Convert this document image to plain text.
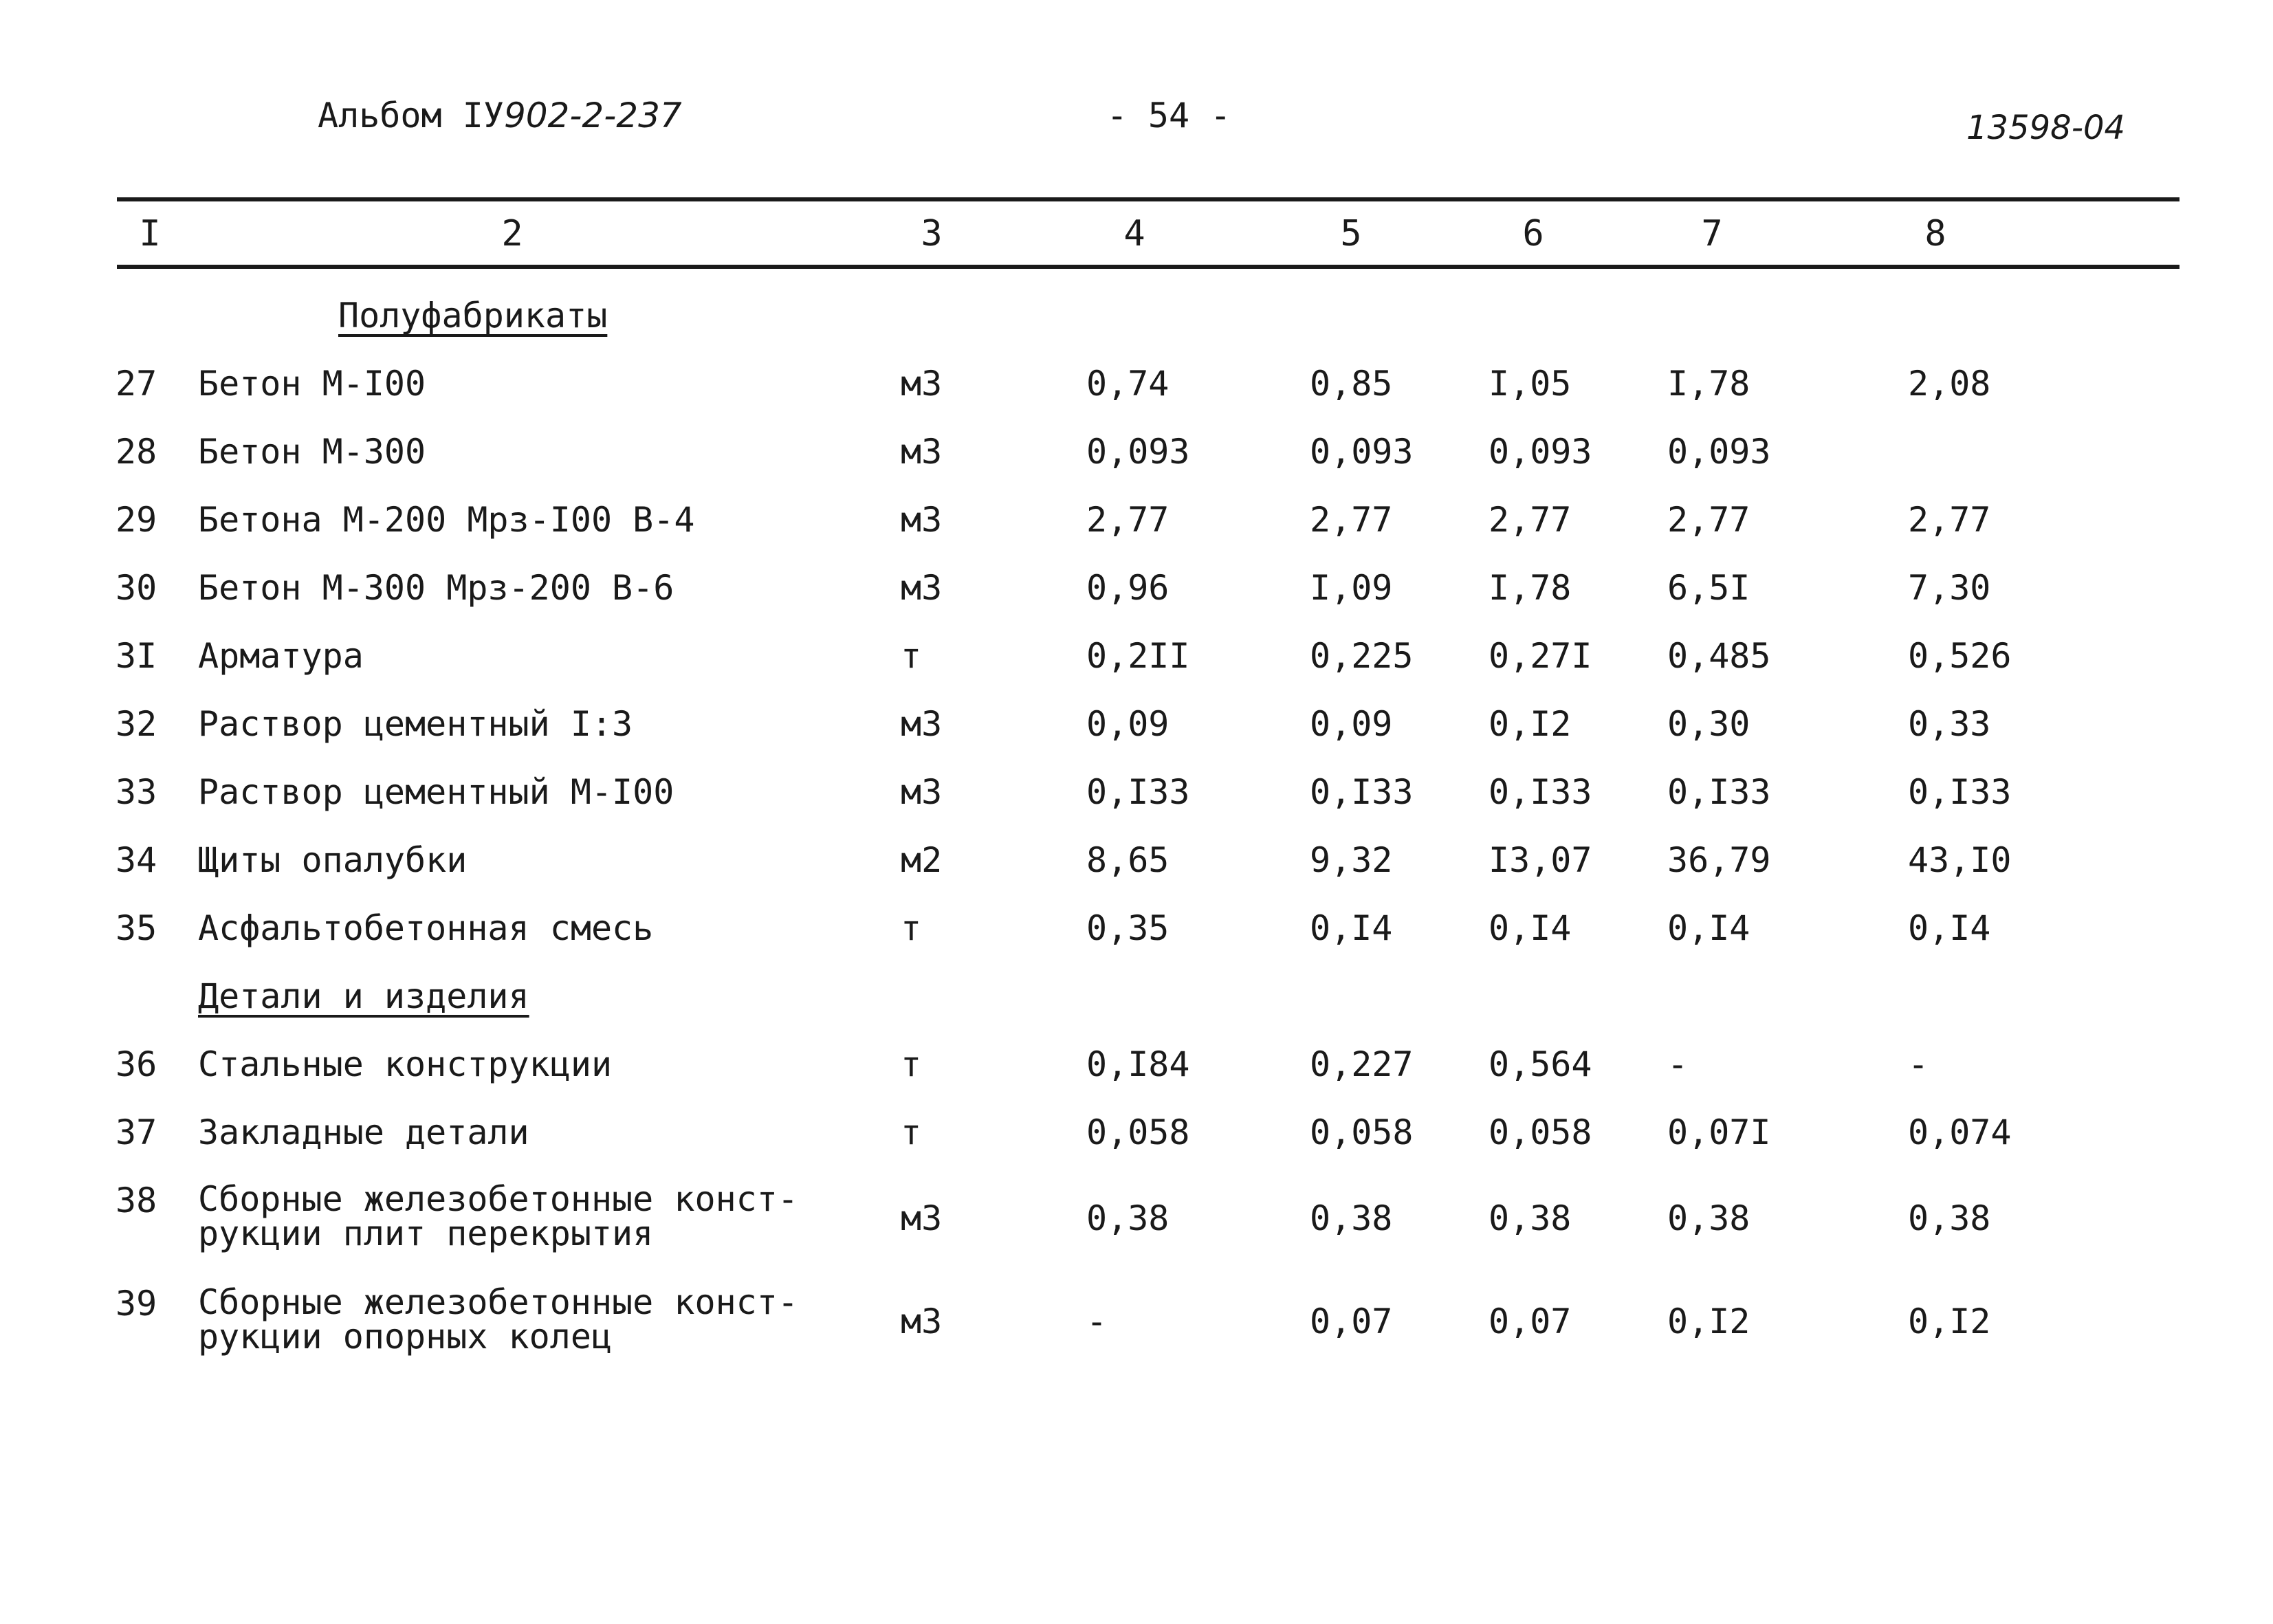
Альбом IУ902-2-237	- 54 -	13598-04
I	2	3	4	5	6	7	8
Полуфабрикаты
27	Бетон М-I00	м3	0,74	0,85	I,05	I,78	2,08
28	Бетон М-300	м3	0,093	0,093 0,093 0,093
29	Бетона М-200 Мрз-I00 В-4	м3	2,77	2,77	2,77	2,77	2,77
30	Бетон М-300 Мрз-200 В-6	м3	0,96	I,09	I,78	6,5I	7,30
3I	Арматура	т	0,2II	0,225 0,27I 0,485	0,526
32	Раствор цементный I:3	м3	0,09	0,09	0,I2	0,30	0,33
33	Раствор цементный М-I00	м3	0,I33	0,I33 0,I33 0,I33	0,I33
34	Щиты опалубки	м2	8,65	9,32	I3,07 36,79	43,I0
35	Асфальтобетонная смесь	т	0,35	0,I4	0,I4	0,I4	0,I4
Детали и изделия
36	Стальные конструкции	т	0,I84	0,227 0,564 -	-
37	Закладные детали	т	0,058	0,058 0,058 0,07I	0,074
38	Сборные железобетонные конст-рукции плит перекрытия	м3	0,38	0,38	0,38	0,38	0,38
39	Сборные железобетонные конст-рукции опорных колец	м3	-	0,07	0,07	0,I2	0,I2
